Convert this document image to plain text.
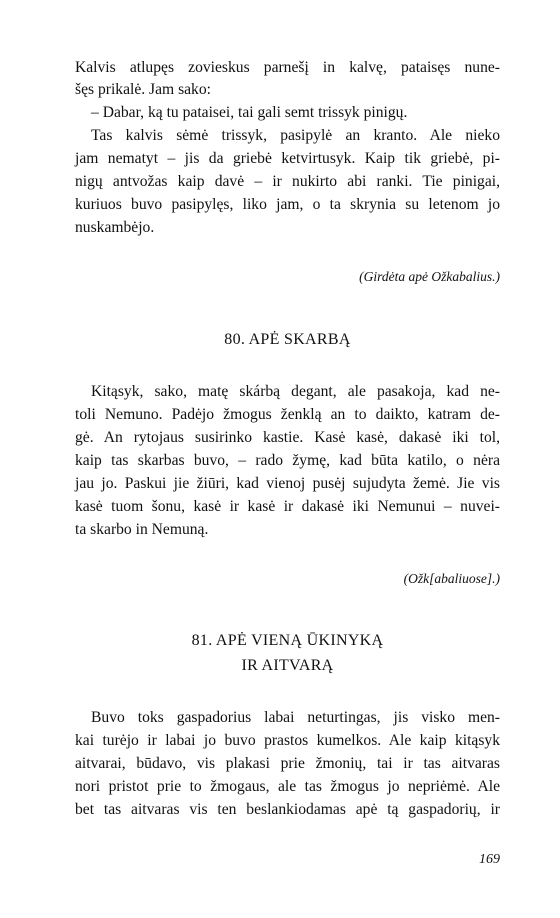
Kalvis atlupęs zovieskus parnešį in kalvę, pataisęs nune-
šęs prikalė. Jam sako:
– Dabar, ką tu pataisei, tai gali semt trissyk pinigų.
Tas kalvis sėmė trissyk, pasipylė an kranto. Ale nieko
jam nematyt – jis da griebė ketvirtusyk. Kaip tik griebė, pi-
nigų antvožas kaip davė – ir nukirto abi ranki. Tie pinigai,
kuriuos buvo pasipylęs, liko jam, o ta skrynia su letenom jo
nuskambėjo.
(Girdėta apė Ožkabalius.)
80. APĖ SKARBĄ
Kitąsyk, sako, matę skárbą degant, ale pasakoja, kad ne-
toli Nemuno. Padėjo žmogus ženklą an to daikto, katram de-
gė. An rytojaus susirinko kastie. Kasė kasė, dakasė iki tol,
kaip tas skarbas buvo, – rado žymę, kad būta katilo, o nėra
jau jo. Paskui jie žiūri, kad vienoj pusėj sujudyta žemė. Jie vis
kasė tuom šonu, kasė ir kasė ir dakasė iki Nemunui – nuvei-
ta skarbo in Nemuną.
(Ožk[abaliuose].)
81. APĖ VIENĄ ŪKINYKĄ
IR AITVARĄ
Buvo toks gaspadorius labai neturtingas, jis visko men-
kai turėjo ir labai jo buvo prastos kumelkos. Ale kaip kitąsyk
aitvarai, būdavo, vis plakasi prie žmonių, tai ir tas aitvaras
nori pristot prie to žmogaus, ale tas žmogus jo nepriėmė. Ale
bet tas aitvaras vis ten beslankiodamas apė tą gaspadorių, ir
169
